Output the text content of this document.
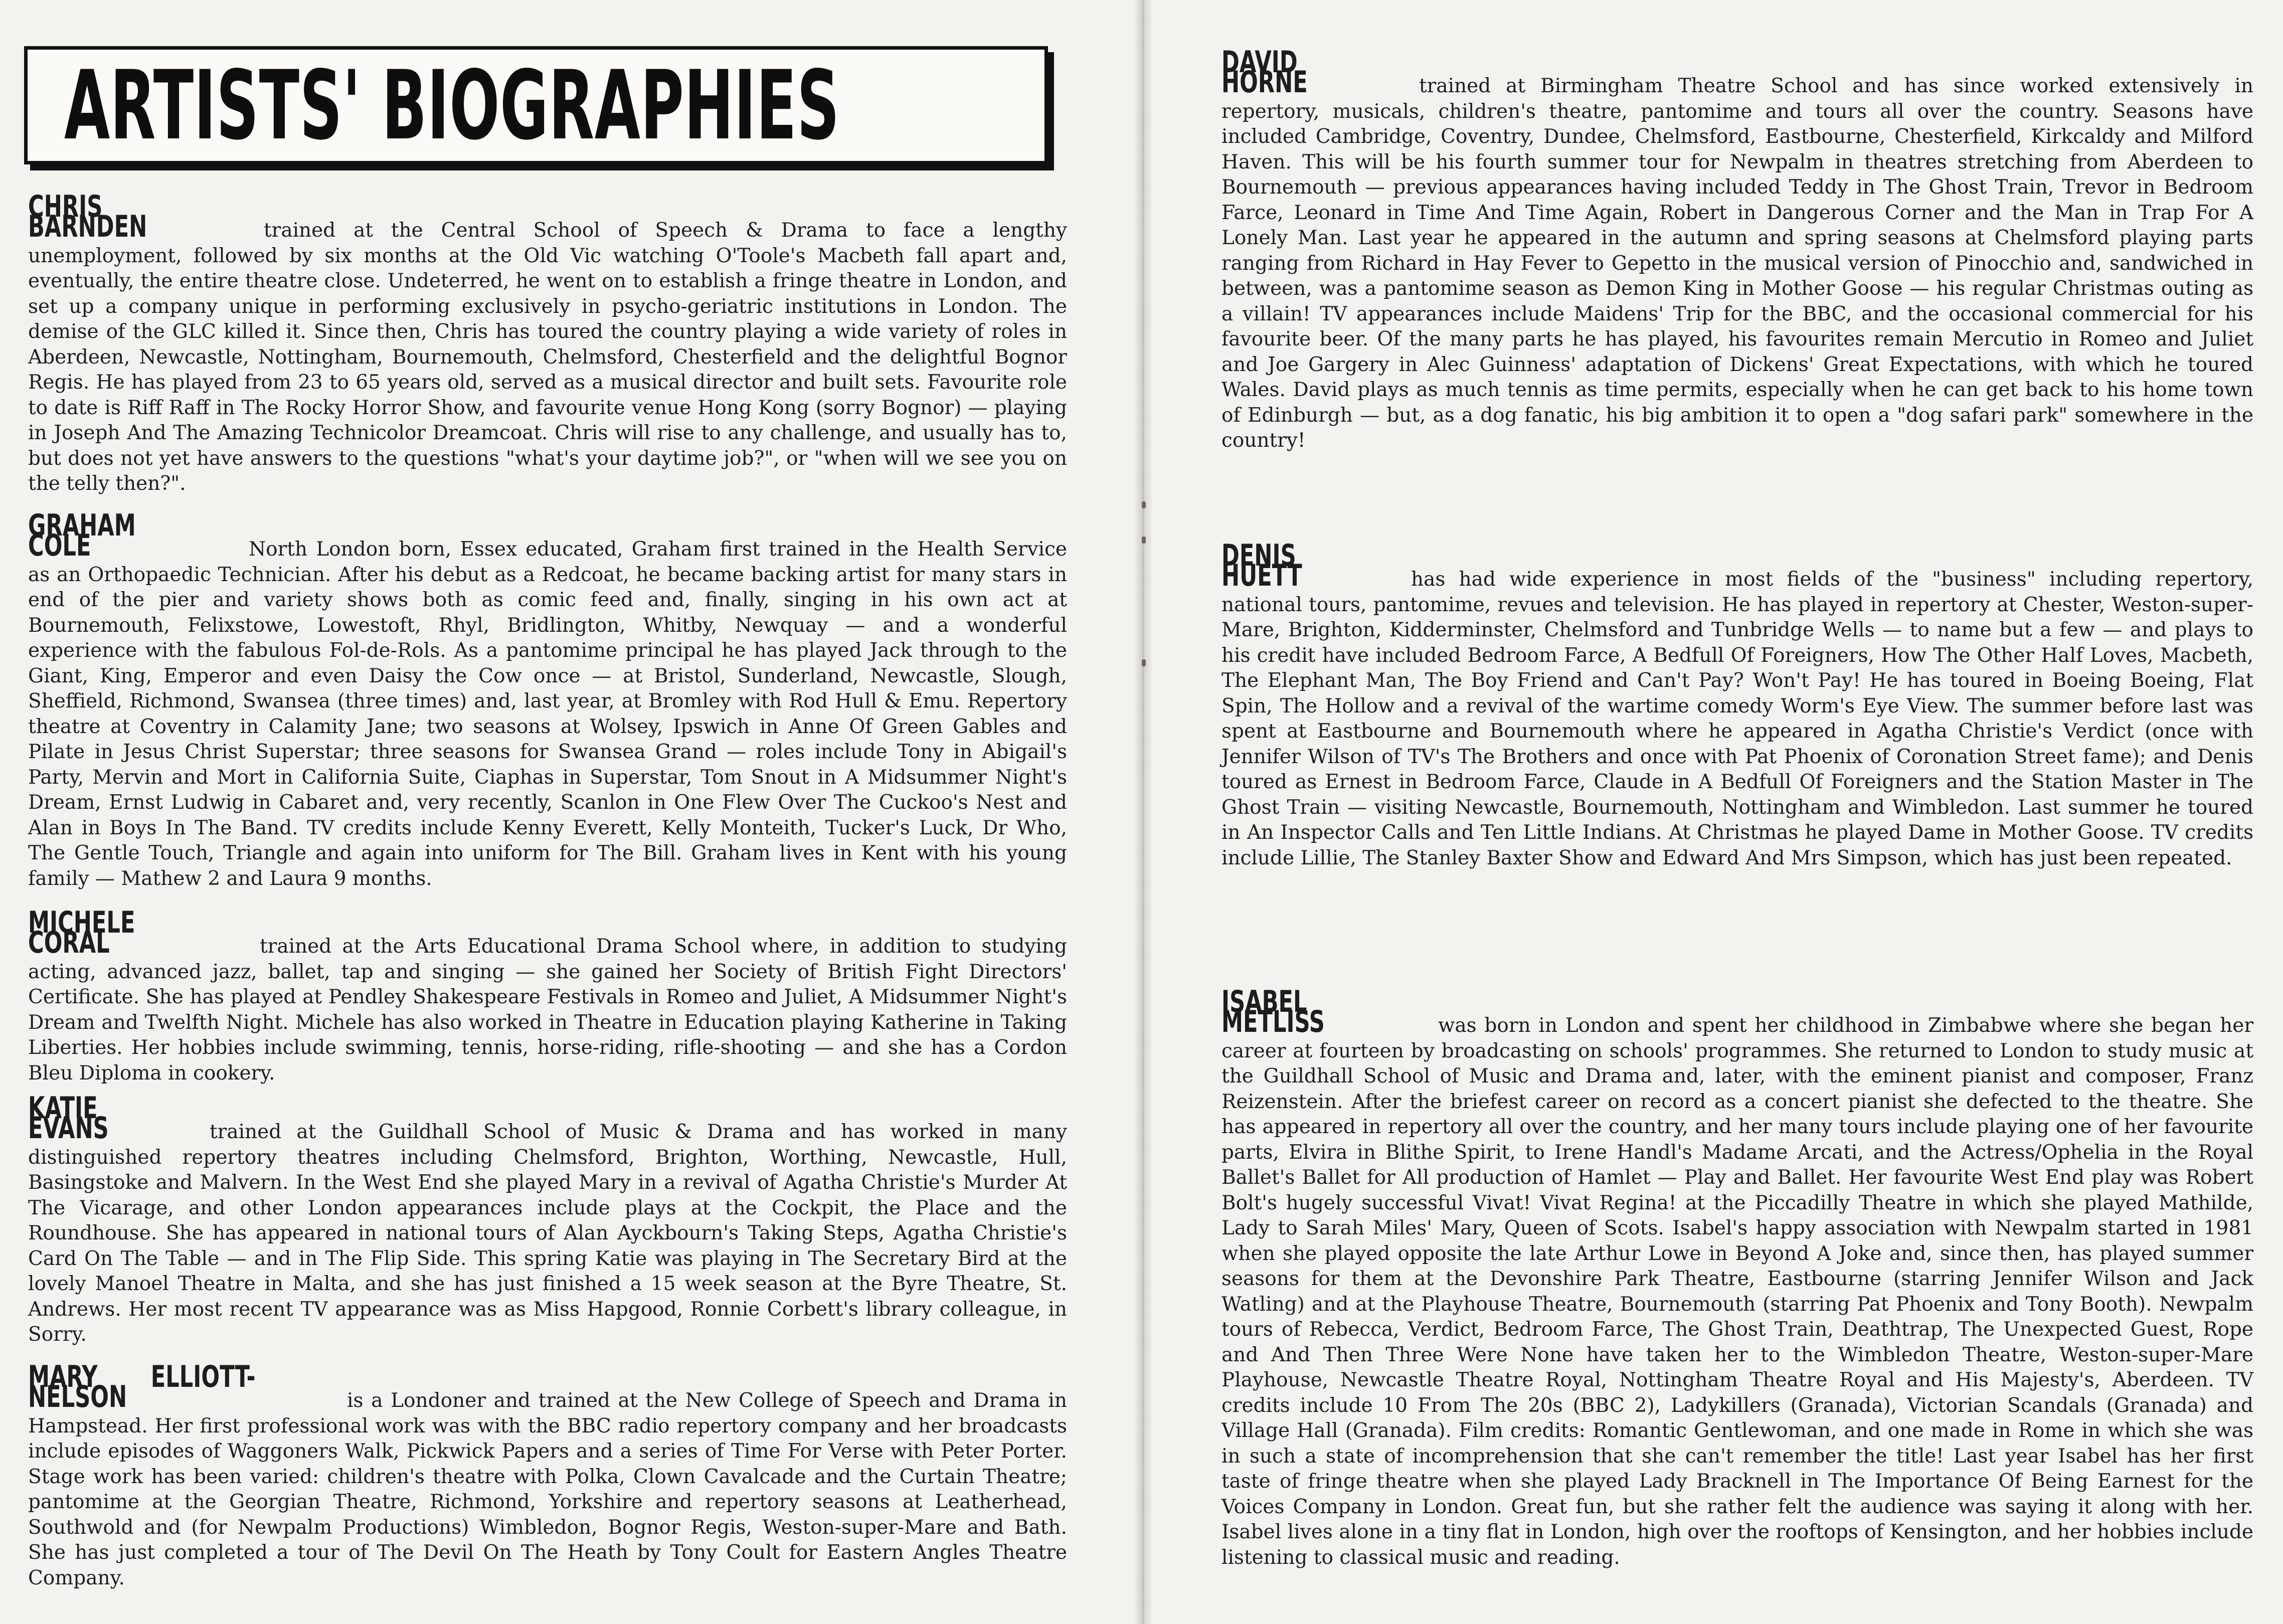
ARTISTS' BIOGRAPHIES
CHRIS BARNDEN	trained at the Central School of Speech & Drama to face a lengthy unemployment, followed by six months at the Old Vic watching O'Toole's Macbeth fall apart and, eventually, the entire theatre close. Undeterred, he went on to establish a fringe theatre in London, and set up a company unique in performing exclusively in psycho-geriatric institutions in London. The demise of the GLC killed it. Since then, Chris has toured the country playing a wide variety of roles in Aberdeen, Newcastle, Nottingham, Bournemouth, Chelmsford, Chesterfield and the delightful Bognor Regis. He has played from 23 to 65 years old, served as a musical director and built sets. Favourite role to date is Riff Raff in The Rocky Horror Show, and favourite venue Hong Kong (sorry Bognor) — playing in Joseph And The Amazing Technicolor Dreamcoat. Chris will rise to any challenge, and usually has to, but does not yet have answers to the questions "what's your daytime job?", or "when will we see you on the telly then?".
GRAHAM COLE	North London born, Essex educated, Graham first trained in the Health Service as an Orthopaedic Technician. After his debut as a Redcoat, he became backing artist for many stars in end of the pier and variety shows both as comic feed and, finally, singing in his own act at Bournemouth, Felixstowe, Lowestoft, Rhyl, Bridlington, Whitby, Newquay — and a wonderful experience with the fabulous Fol-de-Rols. As a pantomime principal he has played Jack through to the Giant, King, Emperor and even Daisy the Cow once — at Bristol, Sunderland, Newcastle, Slough, Sheffield, Richmond, Swansea (three times) and, last year, at Bromley with Rod Hull & Emu. Repertory theatre at Coventry in Calamity Jane; two seasons at Wolsey, Ipswich in Anne Of Green Gables and Pilate in Jesus Christ Superstar; three seasons for Swansea Grand — roles include Tony in Abigail's Party, Mervin and Mort in California Suite, Ciaphas in Superstar, Tom Snout in A Midsummer Night's Dream, Ernst Ludwig in Cabaret and, very recently, Scanlon in One Flew Over The Cuckoo's Nest and Alan in Boys In The Band. TV credits include Kenny Everett, Kelly Monteith, Tucker's Luck, Dr Who, The Gentle Touch, Triangle and again into uniform for The Bill. Graham lives in Kent with his young family — Mathew 2 and Laura 9 months.
MICHELE CORAL	trained at the Arts Educational Drama School where, in addition to studying acting, advanced jazz, ballet, tap and singing — she gained her Society of British Fight Directors' Certificate. She has played at Pendley Shakespeare Festivals in Romeo and Juliet, A Midsummer Night's Dream and Twelfth Night. Michele has also worked in Theatre in Education playing Katherine in Taking Liberties. Her hobbies include swimming, tennis, horse-riding, rifle-shooting — and she has a Cordon Bleu Diploma in cookery.
KATIE EVANS	trained at the Guildhall School of Music & Drama and has worked in many distinguished repertory theatres including Chelmsford, Brighton, Worthing, Newcastle, Hull, Basingstoke and Malvern. In the West End she played Mary in a revival of Agatha Christie's Murder At The Vicarage, and other London appearances include plays at the Cockpit, the Place and the Roundhouse. She has appeared in national tours of Alan Ayckbourn's Taking Steps, Agatha Christie's Card On The Table — and in The Flip Side. This spring Katie was playing in The Secretary Bird at the lovely Manoel Theatre in Malta, and she has just finished a 15 week season at the Byre Theatre, St. Andrews. Her most recent TV appearance was as Miss Hapgood, Ronnie Corbett's library colleague, in Sorry.
MARY ELLIOTT-NELSON	is a Londoner and trained at the New College of Speech and Drama in Hampstead. Her first professional work was with the BBC radio repertory company and her broadcasts include episodes of Waggoners Walk, Pickwick Papers and a series of Time For Verse with Peter Porter. Stage work has been varied: children's theatre with Polka, Clown Cavalcade and the Curtain Theatre; pantomime at the Georgian Theatre, Richmond, Yorkshire and repertory seasons at Leatherhead, Southwold and (for Newpalm Productions) Wimbledon, Bognor Regis, Weston-super-Mare and Bath. She has just completed a tour of The Devil On The Heath by Tony Coult for Eastern Angles Theatre Company.
DAVID HORNE	trained at Birmingham Theatre School and has since worked extensively in repertory, musicals, children's theatre, pantomime and tours all over the country. Seasons have included Cambridge, Coventry, Dundee, Chelmsford, Eastbourne, Chesterfield, Kirkcaldy and Milford Haven. This will be his fourth summer tour for Newpalm in theatres stretching from Aberdeen to Bournemouth — previous appearances having included Teddy in The Ghost Train, Trevor in Bedroom Farce, Leonard in Time And Time Again, Robert in Dangerous Corner and the Man in Trap For A Lonely Man. Last year he appeared in the autumn and spring seasons at Chelmsford playing parts ranging from Richard in Hay Fever to Gepetto in the musical version of Pinocchio and, sandwiched in between, was a pantomime season as Demon King in Mother Goose — his regular Christmas outing as a villain! TV appearances include Maidens' Trip for the BBC, and the occasional commercial for his favourite beer. Of the many parts he has played, his favourites remain Mercutio in Romeo and Juliet and Joe Gargery in Alec Guinness' adaptation of Dickens' Great Expectations, with which he toured Wales. David plays as much tennis as time permits, especially when he can get back to his home town of Edinburgh — but, as a dog fanatic, his big ambition it to open a "dog safari park" somewhere in the country!
DENIS HUETT	has had wide experience in most fields of the "business" including repertory, national tours, pantomime, revues and television. He has played in repertory at Chester, Weston-super-Mare, Brighton, Kidderminster, Chelmsford and Tunbridge Wells — to name but a few — and plays to his credit have included Bedroom Farce, A Bedfull Of Foreigners, How The Other Half Loves, Macbeth, The Elephant Man, The Boy Friend and Can't Pay? Won't Pay! He has toured in Boeing Boeing, Flat Spin, The Hollow and a revival of the wartime comedy Worm's Eye View. The summer before last was spent at Eastbourne and Bournemouth where he appeared in Agatha Christie's Verdict (once with Jennifer Wilson of TV's The Brothers and once with Pat Phoenix of Coronation Street fame); and Denis toured as Ernest in Bedroom Farce, Claude in A Bedfull Of Foreigners and the Station Master in The Ghost Train — visiting Newcastle, Bournemouth, Nottingham and Wimbledon. Last summer he toured in An Inspector Calls and Ten Little Indians. At Christmas he played Dame in Mother Goose. TV credits include Lillie, The Stanley Baxter Show and Edward And Mrs Simpson, which has just been repeated.
ISABEL METLISS	was born in London and spent her childhood in Zimbabwe where she began her career at fourteen by broadcasting on schools' programmes. She returned to London to study music at the Guildhall School of Music and Drama and, later, with the eminent pianist and composer, Franz Reizenstein. After the briefest career on record as a concert pianist she defected to the theatre. She has appeared in repertory all over the country, and her many tours include playing one of her favourite parts, Elvira in Blithe Spirit, to Irene Handl's Madame Arcati, and the Actress/Ophelia in the Royal Ballet's Ballet for All production of Hamlet — Play and Ballet. Her favourite West End play was Robert Bolt's hugely successful Vivat! Vivat Regina! at the Piccadilly Theatre in which she played Mathilde, Lady to Sarah Miles' Mary, Queen of Scots. Isabel's happy association with Newpalm started in 1981 when she played opposite the late Arthur Lowe in Beyond A Joke and, since then, has played summer seasons for them at the Devonshire Park Theatre, Eastbourne (starring Jennifer Wilson and Jack Watling) and at the Playhouse Theatre, Bournemouth (starring Pat Phoenix and Tony Booth). Newpalm tours of Rebecca, Verdict, Bedroom Farce, The Ghost Train, Deathtrap, The Unexpected Guest, Rope and And Then Three Were None have taken her to the Wimbledon Theatre, Weston-super-Mare Playhouse, Newcastle Theatre Royal, Nottingham Theatre Royal and His Majesty's, Aberdeen. TV credits include 10 From The 20s (BBC 2), Ladykillers (Granada), Victorian Scandals (Granada) and Village Hall (Granada). Film credits: Romantic Gentlewoman, and one made in Rome in which she was in such a state of incomprehension that she can't remember the title! Last year Isabel has her first taste of fringe theatre when she played Lady Bracknell in The Importance Of Being Earnest for the Voices Company in London. Great fun, but she rather felt the audience was saying it along with her. Isabel lives alone in a tiny flat in London, high over the rooftops of Kensington, and her hobbies include listening to classical music and reading.
